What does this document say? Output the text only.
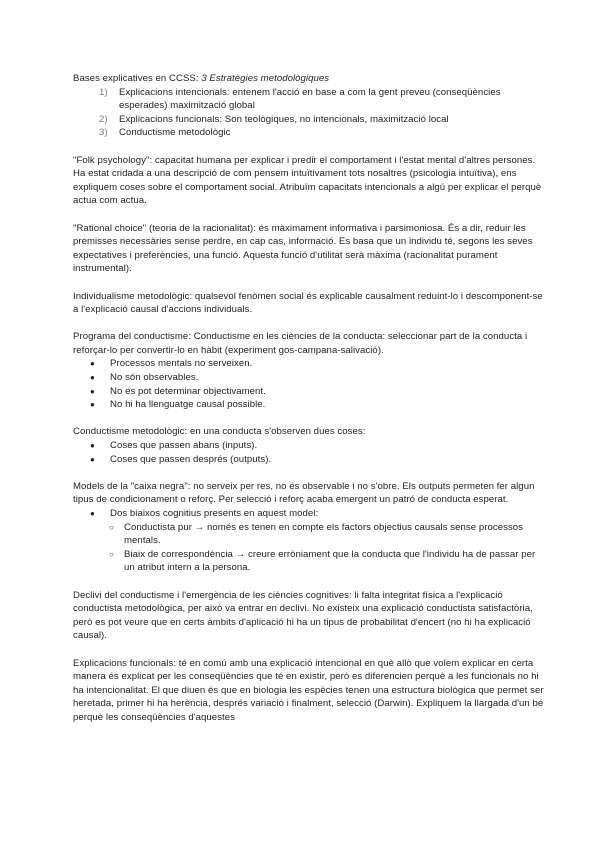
Bases explicatives en CCSS: 3 Estratègies metodològiques
1) Explicacions intencionals: entenem l'acció en base a com la gent preveu (conseqüències esperades) maximització global
2) Explicacions funcionals: Son teològiques, no intencionals, maximització local
3) Conductisme metodològic

"Folk psychology": capacitat humana per explicar i predir el comportament i l'estat mental d'altres persones. Ha estat cridada a una descripció de com pensem intuïtivament tots nosaltres (psicologia intuïtiva), ens expliquem coses sobre el comportament social. Atribuïm capacitats intencionals a algú per explicar el perquè actua com actua.

"Rational choice" (teoria de la racionalitat): és màximament informativa i parsimoniosa. És a dir, reduir les premisses necessàries sense perdre, en cap cas, informació. Es basa que un individu té, segons les seves expectatives i preferències, una funció. Aquesta funció d'utilitat serà màxima (racionalitat purament instrumental).

Individualisme metodològic: qualsevol fenòmen social és explicable causalment reduint-lo i descomponent-se a l'explicació causal d'accions individuals.

Programa del conductisme: Conductisme en les ciències de la conducta: seleccionar part de la conducta i reforçar-lo per convertir-lo en hàbit (experiment gos-campana-salivació).

● Processos mentals no serveixen.
● No són observables.
● No es pot determinar objectivament.
● No hi ha llenguatge causal possible.

Conductisme metodològic: en una conducta s'observen dues coses:

● Coses que passen abans (inputs).
● Coses que passen després (outputs).

Models de la "caixa negra": no serveix per res, no és observable i no s'obre. Els outputs permeten fer algun tipus de condicionament o reforç. Per selecció i reforç acaba emergent un patró de conducta esperat.

● Dos biaixos cognitius presents en aquest model:
○ Conductista pur → només es tenen en compte els factors objectius causals sense processos mentals.
○ Biaix de correspondència → creure erròniament que la conducta que l'individu ha de passar per un atribut intern a la persona.

Declivi del conductisme i l'emergència de les ciències cognitives: li falta integritat física a l'explicació conductista metodològica, per això va entrar en declivi. No existeix una explicació conductista satisfactòria, però es pot veure que en certs àmbits d'aplicació hi ha un tipus de probabilitat d'encert (no hi ha explicació causal).

Explicacions funcionals: té en comú amb una explicació intencional en què allò que volem explicar en certa manera és explicat per les conseqüències que té en existir, però es diferencien perquè a les funcionals no hi ha intencionalitat. El que diuen és que en biologia les espècies tenen una estructura biològica que permet ser heretada, primer hi ha herència, després variació i finalment, selecció (Darwin). Expliquem la llargada d'un bé perquè les conseqüències d'aquestes
